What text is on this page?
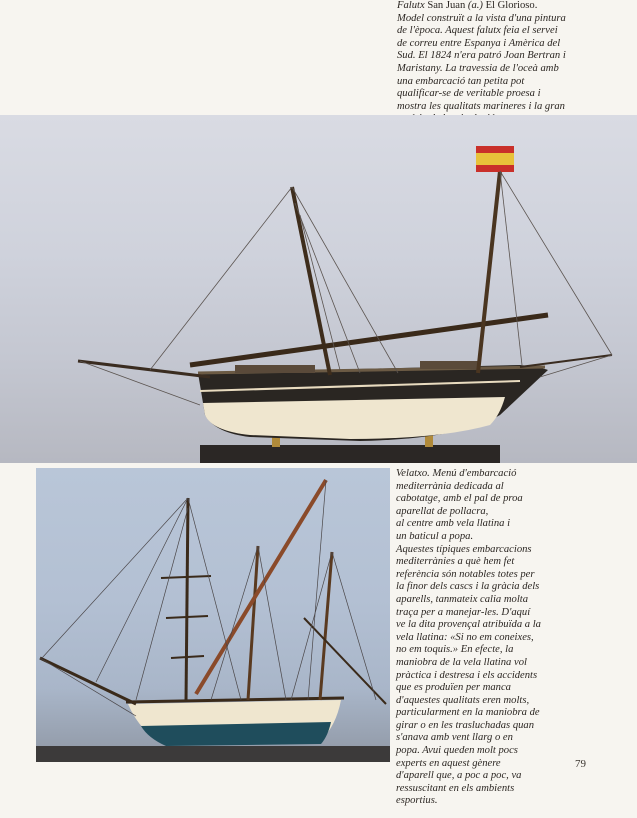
Falutx San Juan (a.) El Glorioso.
Model construït a la vista d'una pintura
de l'època. Aquest falutx feia el servei
de correu entre Espanya i Amèrica del
Sud. El 1824 n'era patró Joan Bertran i
Maristany. La travessia de l'oceà amb
una embarcació tan petita pot
qualificar-se de veritable proesa i
mostra les qualitats marineres i la gran
Velatxo. Menú d'embarcació
mediterrània dedicada al
cabotatge, amb el pal de proa
aparellat de pollacra,
al centre amb vela llatina i
un baticul a popa.
Aquestes típiques embarcacions
mediterrànies a què hem fet
referència són notables totes per
la finor dels cascs i la gràcia dels
aparells, tanmateix calia molta
traça per a manejar-les. D'aquí
ve la dita provençal atribuïda a la
vela llatina: «Si no em coneixes,
no em toquis.» En efecte, la
maniobra de la vela llatina vol
pràctica i destresa i els accidents
que es produïen per manca
d'aquestes qualitats eren molts,
particularment en la maniobra de
girar o en les trasluchadas quan
s'anava amb vent llarg o en
popa. Avui queden molt pocs
experts en aquest gènere
d'aparell que, a poc a poc, va
ressuscitant en els ambients
esportius.
79
